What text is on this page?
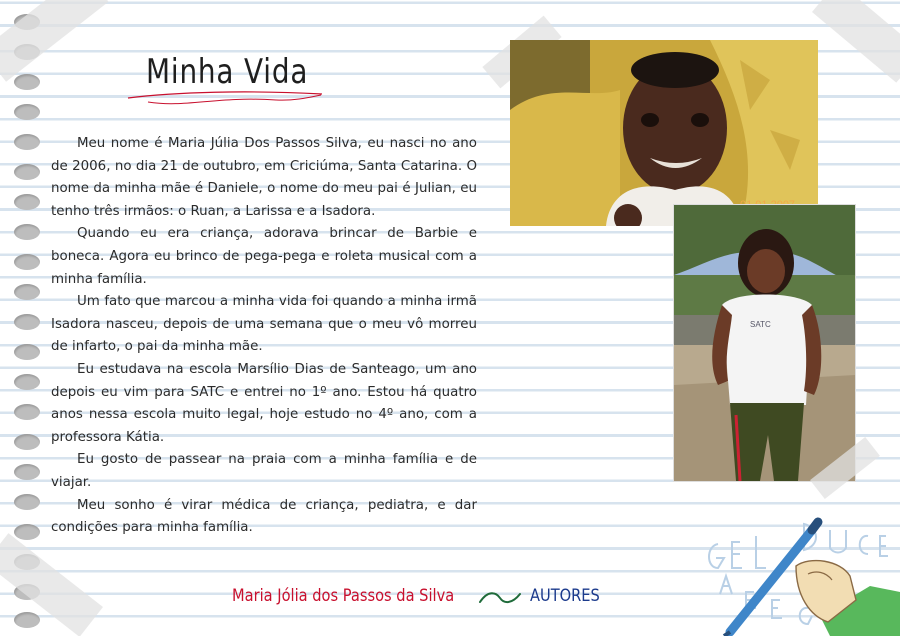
Minha Vida

Meu nome é Maria Júlia Dos Passos Silva, eu nasci no ano de 2006, no dia 21 de outubro, em Criciúma, Santa Catarina. O nome da minha mãe é Daniele, o nome do meu pai é Julian, eu tenho três irmãos: o Ruan, a Larissa e a Isadora.

Quando eu era criança, adorava brincar de Barbie e boneca. Agora eu brinco de pega-pega e roleta musical com a minha família.

Um fato que marcou a minha vida foi quando a minha irmã Isadora nasceu, depois de uma semana que o meu vô morreu de infarto, o pai da minha mãe.

Eu estudava na escola Marsílio Dias de Santeago, um ano depois eu vim para SATC e entrei no 1º ano. Estou há quatro anos nessa escola muito legal, hoje estudo no 4º ano, com a professora Kátia.

Eu gosto de passear na praia com a minha família e de viajar.

Meu sonho é virar médica de criança, pediatra, e dar condições para minha família.

SATC

Maria Jólia dos Passos da Silva	AUTORES
